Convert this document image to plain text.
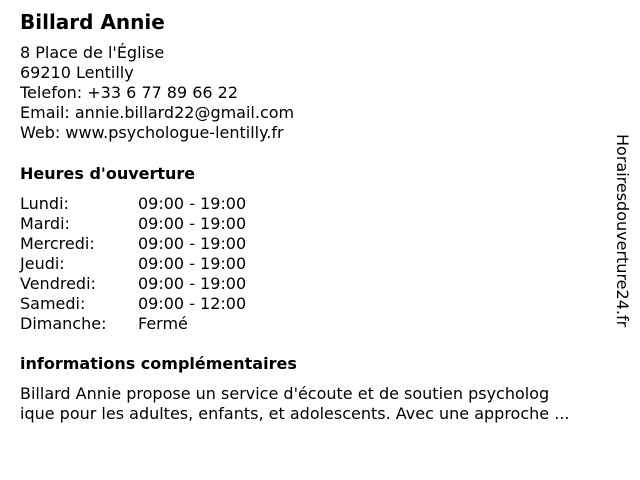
Billard Annie
8 Place de l'Église
69210 Lentilly
Telefon: +33 6 77 89 66 22
Email: annie.billard22@gmail.com
Web: www.psychologue-lentilly.fr
Heures d'ouverture
Lundi:	09:00 - 19:00
Mardi:	09:00 - 19:00
Mercredi:	09:00 - 19:00
Jeudi:	09:00 - 19:00
Vendredi:	09:00 - 19:00
Samedi:	09:00 - 12:00
Dimanche:	Fermé
informations complémentaires
Billard Annie propose un service d'écoute et de soutien psycholog
ique pour les adultes, enfants, et adolescents. Avec une approche ...
Horairesdouverture24.fr
